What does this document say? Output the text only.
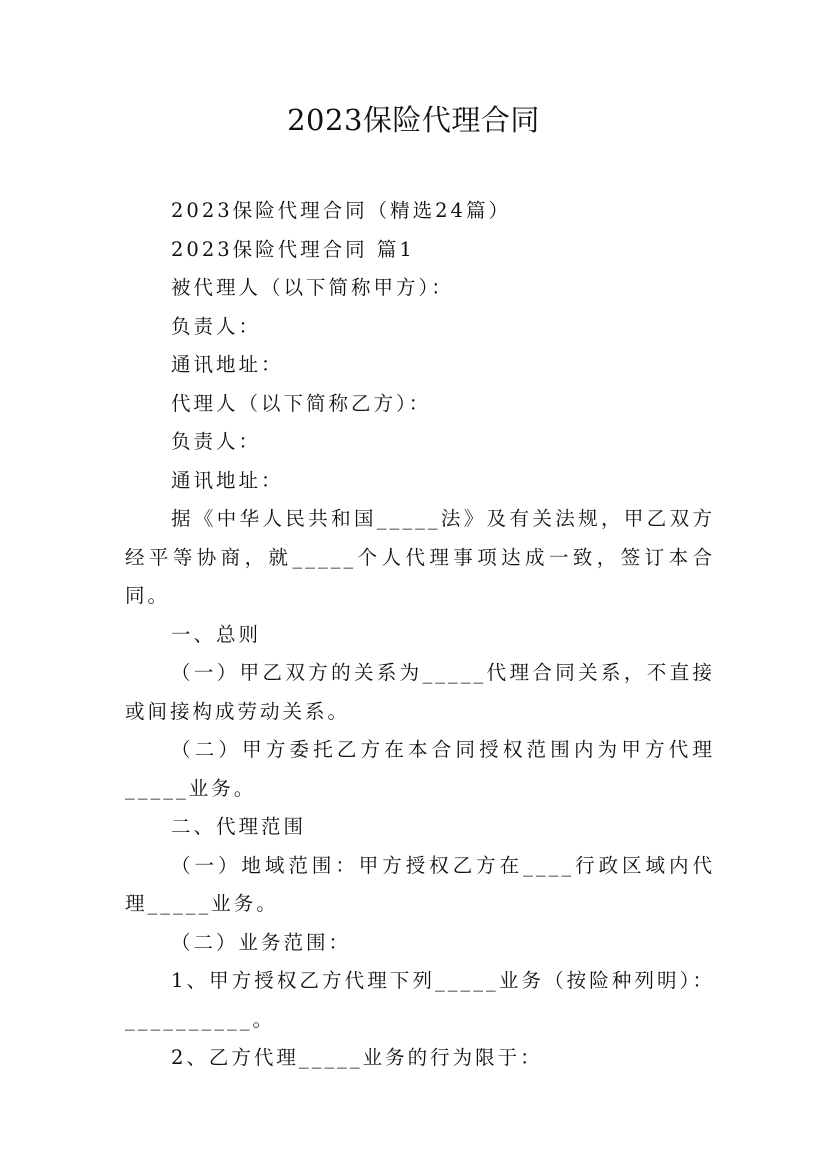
2023保险代理合同

2023保险代理合同（精选24篇）

2023保险代理合同 篇1

被代理人（以下简称甲方）：

负责人：

通讯地址：

代理人（以下简称乙方）：

负责人：

通讯地址：

据《中华人民共和国_____法》及有关法规，甲乙双方经平等协商，就_____个人代理事项达成一致，签订本合同。

一、总则

（一）甲乙双方的关系为_____代理合同关系，不直接或间接构成劳动关系。

（二）甲方委托乙方在本合同授权范围内为甲方代理_____业务。

二、代理范围

（一）地域范围：甲方授权乙方在____行政区域内代理_____业务。

（二）业务范围：

1、甲方授权乙方代理下列_____业务（按险种列明）：__________。

2、乙方代理_____业务的行为限于：
